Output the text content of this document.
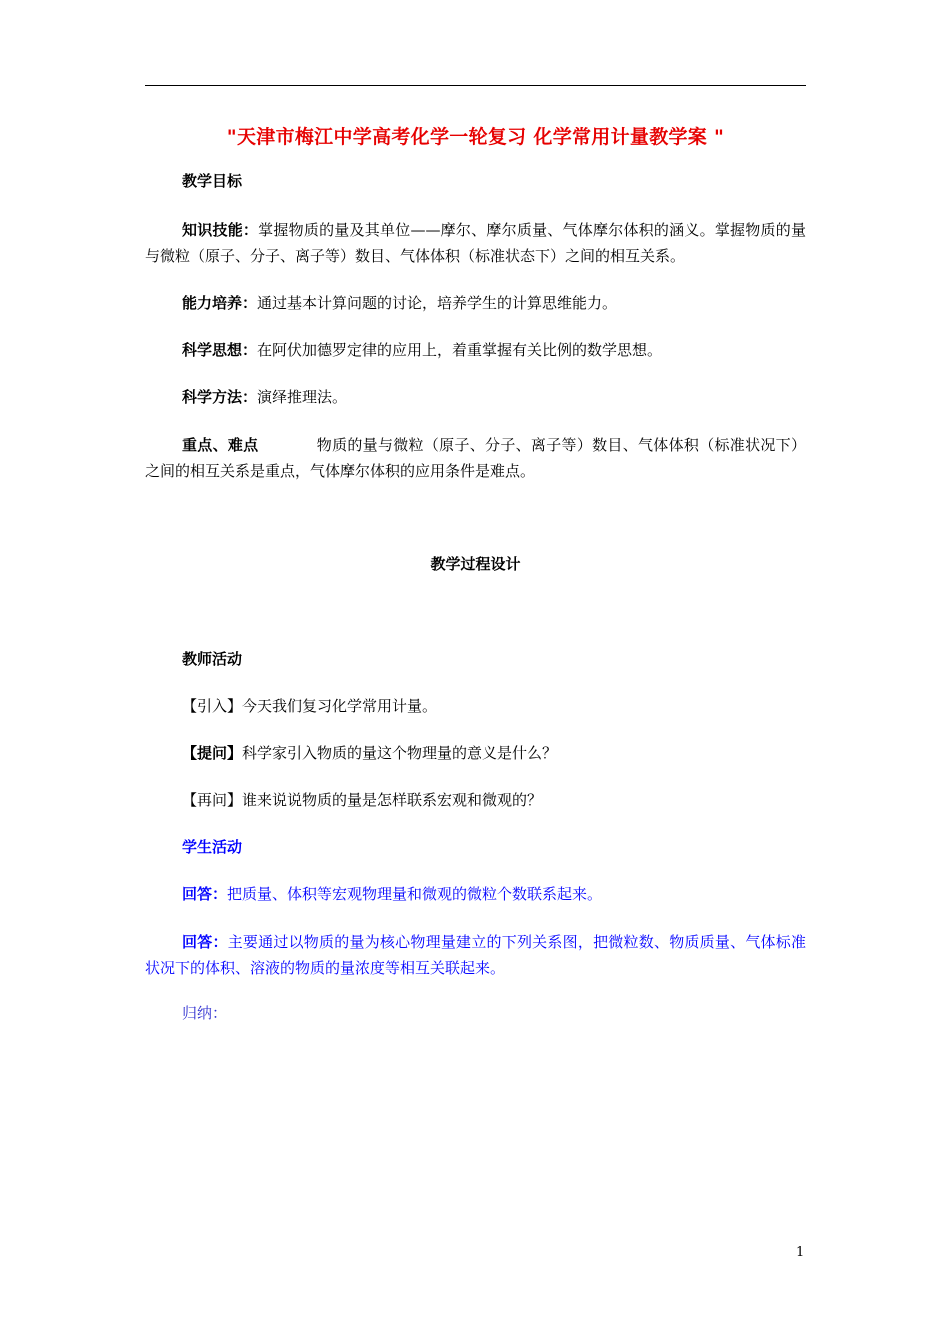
"天津市梅江中学高考化学一轮复习 化学常用计量教学案 "
教学目标
知识技能：掌握物质的量及其单位——摩尔、摩尔质量、气体摩尔体积的涵义。掌握物质的量与微粒（原子、分子、离子等）数目、气体体积（标准状态下）之间的相互关系。
能力培养：通过基本计算问题的讨论，培养学生的计算思维能力。
科学思想：在阿伏加德罗定律的应用上，着重掌握有关比例的数学思想。
科学方法：演绎推理法。
重点、难点	物质的量与微粒（原子、分子、离子等）数目、气体体积（标准状况下）之间的相互关系是重点，气体摩尔体积的应用条件是难点。
教学过程设计
教师活动
【引入】今天我们复习化学常用计量。
【提问】科学家引入物质的量这个物理量的意义是什么？
【再问】谁来说说物质的量是怎样联系宏观和微观的？
学生活动
回答：把质量、体积等宏观物理量和微观的微粒个数联系起来。
回答：主要通过以物质的量为核心物理量建立的下列关系图，把微粒数、物质质量、气体标准状况下的体积、溶液的物质的量浓度等相互关联起来。
归纳：
1
